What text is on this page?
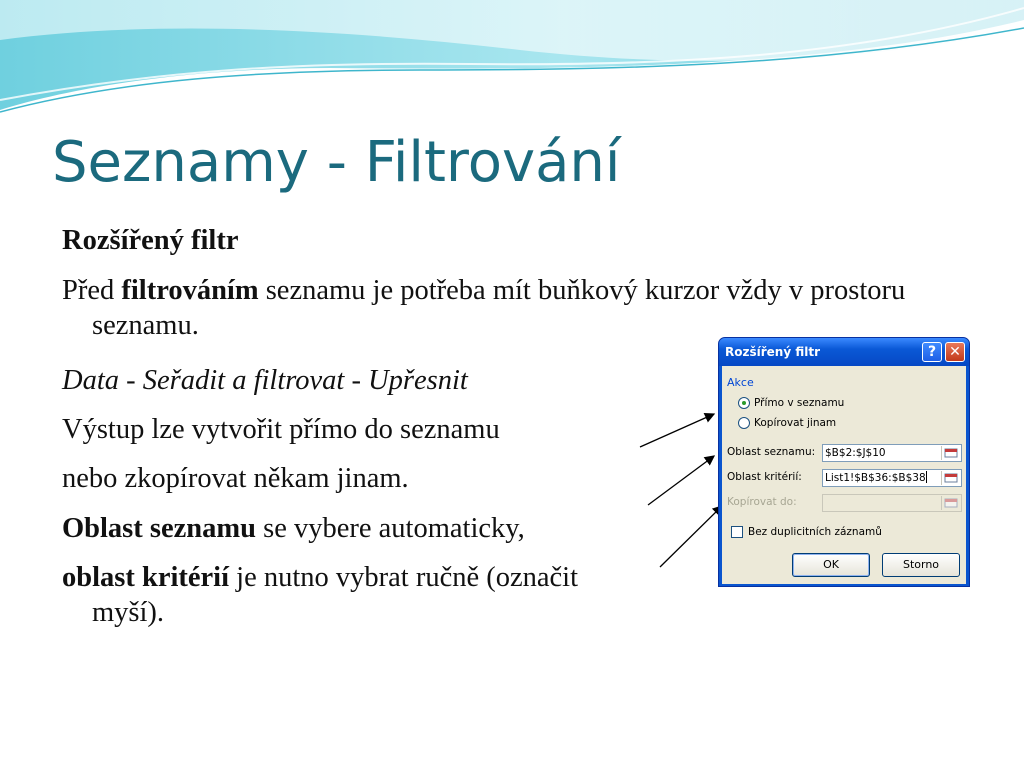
Seznamy - Filtrování
Rozšířený filtr
Před filtrováním seznamu je potřeba mít buňkový kurzor vždy v prostoru seznamu.
Data - Seřadit a filtrovat - Upřesnit
Výstup lze vytvořit přímo do seznamu
nebo zkopírovat někam jinam.
Oblast seznamu se vybere automaticky,
oblast kritérií je nutno vybrat ručně (označit myší).
Rozšířený filtr	? ✕
Akce
Přímo v seznamu
Kopírovat jinam
Oblast seznamu: $B$2:$J$10
Oblast kritérií: List1!$B$36:$B$38
Kopírovat do:
Bez duplicitních záznamů
OK	Storno
